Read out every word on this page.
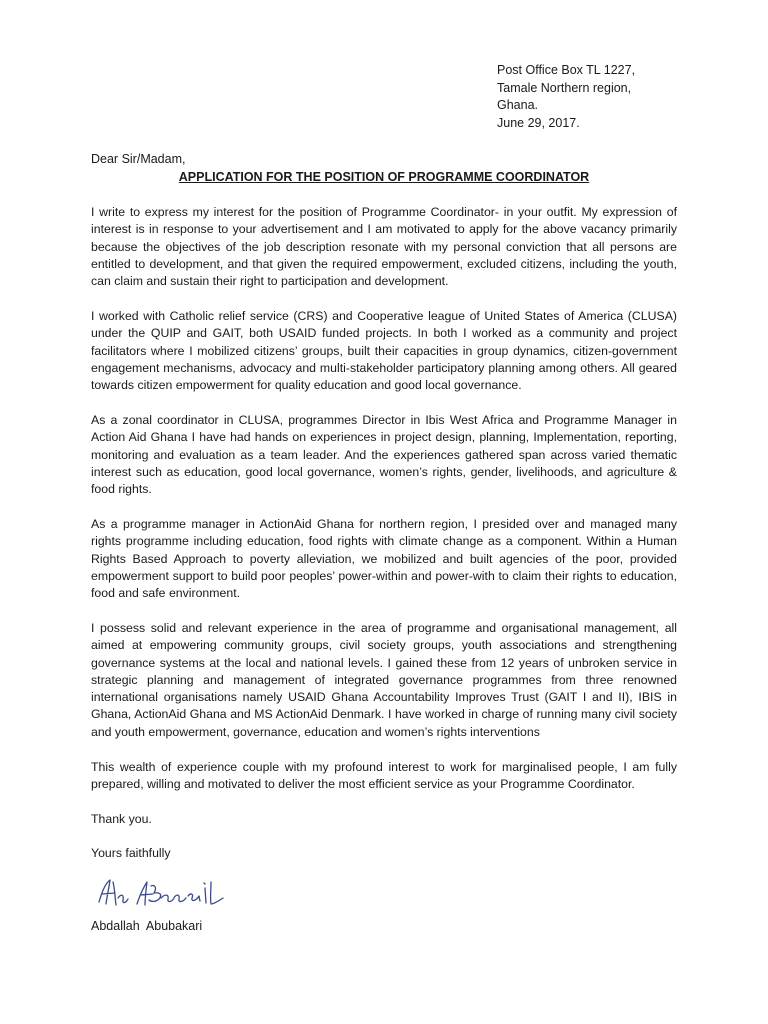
Post Office Box TL 1227,
Tamale Northern region,
Ghana.
June 29, 2017.
Dear Sir/Madam,
APPLICATION FOR THE POSITION OF PROGRAMME COORDINATOR

I write to express my interest for the position of Programme Coordinator- in your outfit. My expression of interest is in response to your advertisement and I am motivated to apply for the above vacancy primarily because the objectives of the job description resonate with my personal conviction that all persons are entitled to development, and that given the required empowerment, excluded citizens, including the youth, can claim and sustain their right to participation and development.

I worked with Catholic relief service (CRS) and Cooperative league of United States of America (CLUSA) under the QUIP and GAIT, both USAID funded projects. In both I worked as a community and project facilitators where I mobilized citizens’ groups, built their capacities in group dynamics, citizen-government engagement mechanisms, advocacy and multi-stakeholder participatory planning among others. All geared towards citizen empowerment for quality education and good local governance.

As a zonal coordinator in CLUSA, programmes Director in Ibis West Africa and Programme Manager in Action Aid Ghana I have had hands on experiences in project design, planning, Implementation, reporting, monitoring and evaluation as a team leader. And the experiences gathered span across varied thematic interest such as education, good local governance, women’s rights, gender, livelihoods, and agriculture & food rights.

As a programme manager in ActionAid Ghana for northern region, I presided over and managed many rights programme including education, food rights with climate change as a component. Within a Human Rights Based Approach to poverty alleviation, we mobilized and built agencies of the poor, provided empowerment support to build poor peoples’ power-within and power-with to claim their rights to education, food and safe environment.

I possess solid and relevant experience in the area of programme and organisational management, all aimed at empowering community groups, civil society groups, youth associations and strengthening governance systems at the local and national levels. I gained these from 12 years of unbroken service in strategic planning and management of integrated governance programmes from three renowned international organisations namely USAID Ghana Accountability Improves Trust (GAIT I and II), IBIS in Ghana, ActionAid Ghana and MS ActionAid Denmark. I have worked in charge of running many civil society and youth empowerment, governance, education and women’s rights interventions

This wealth of experience couple with my profound interest to work for marginalised people, I am fully prepared, willing and motivated to deliver the most efficient service as your Programme Coordinator.

Thank you.

Yours faithfully

Abdallah  Abubakari
